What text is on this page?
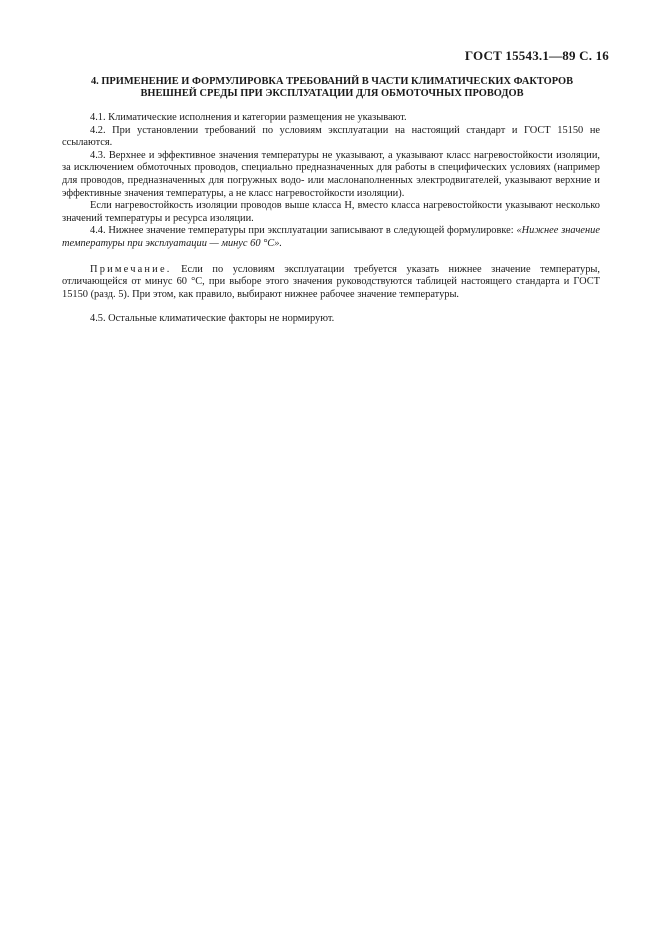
ГОСТ 15543.1—89 С. 16
4. ПРИМЕНЕНИЕ И ФОРМУЛИРОВКА ТРЕБОВАНИЙ В ЧАСТИ КЛИМАТИЧЕСКИХ ФАКТОРОВ
ВНЕШНЕЙ СРЕДЫ ПРИ ЭКСПЛУАТАЦИИ ДЛЯ ОБМОТОЧНЫХ ПРОВОДОВ

4.1. Климатические исполнения и категории размещения не указывают.

4.2. При установлении требований по условиям эксплуатации на настоящий стандарт и ГОСТ 15150 не ссылаются.

4.3. Верхнее и эффективное значения температуры не указывают, а указывают класс нагревостойкости изоляции, за исключением обмоточных проводов, специально предназначенных для работы в специфических условиях (например для проводов, предназначенных для погружных водо- или маслонаполненных электродвигателей, указывают верхние и эффективные значения температуры, а не класс нагревостойкости изоляции).

Если нагревостойкость изоляции проводов выше класса Н, вместо класса нагревостойкости указывают несколько значений температуры и ресурса изоляции.

4.4. Нижнее значение температуры при эксплуатации записывают в следующей формулировке: «Нижнее значение температуры при эксплуатации — минус 60 °С».

Примечание. Если по условиям эксплуатации требуется указать нижнее значение температуры, отличающейся от минус 60 °С, при выборе этого значения руководствуются таблицей настоящего стандарта и ГОСТ 15150 (разд. 5). При этом, как правило, выбирают нижнее рабочее значение температуры.

4.5. Остальные климатические факторы не нормируют.
